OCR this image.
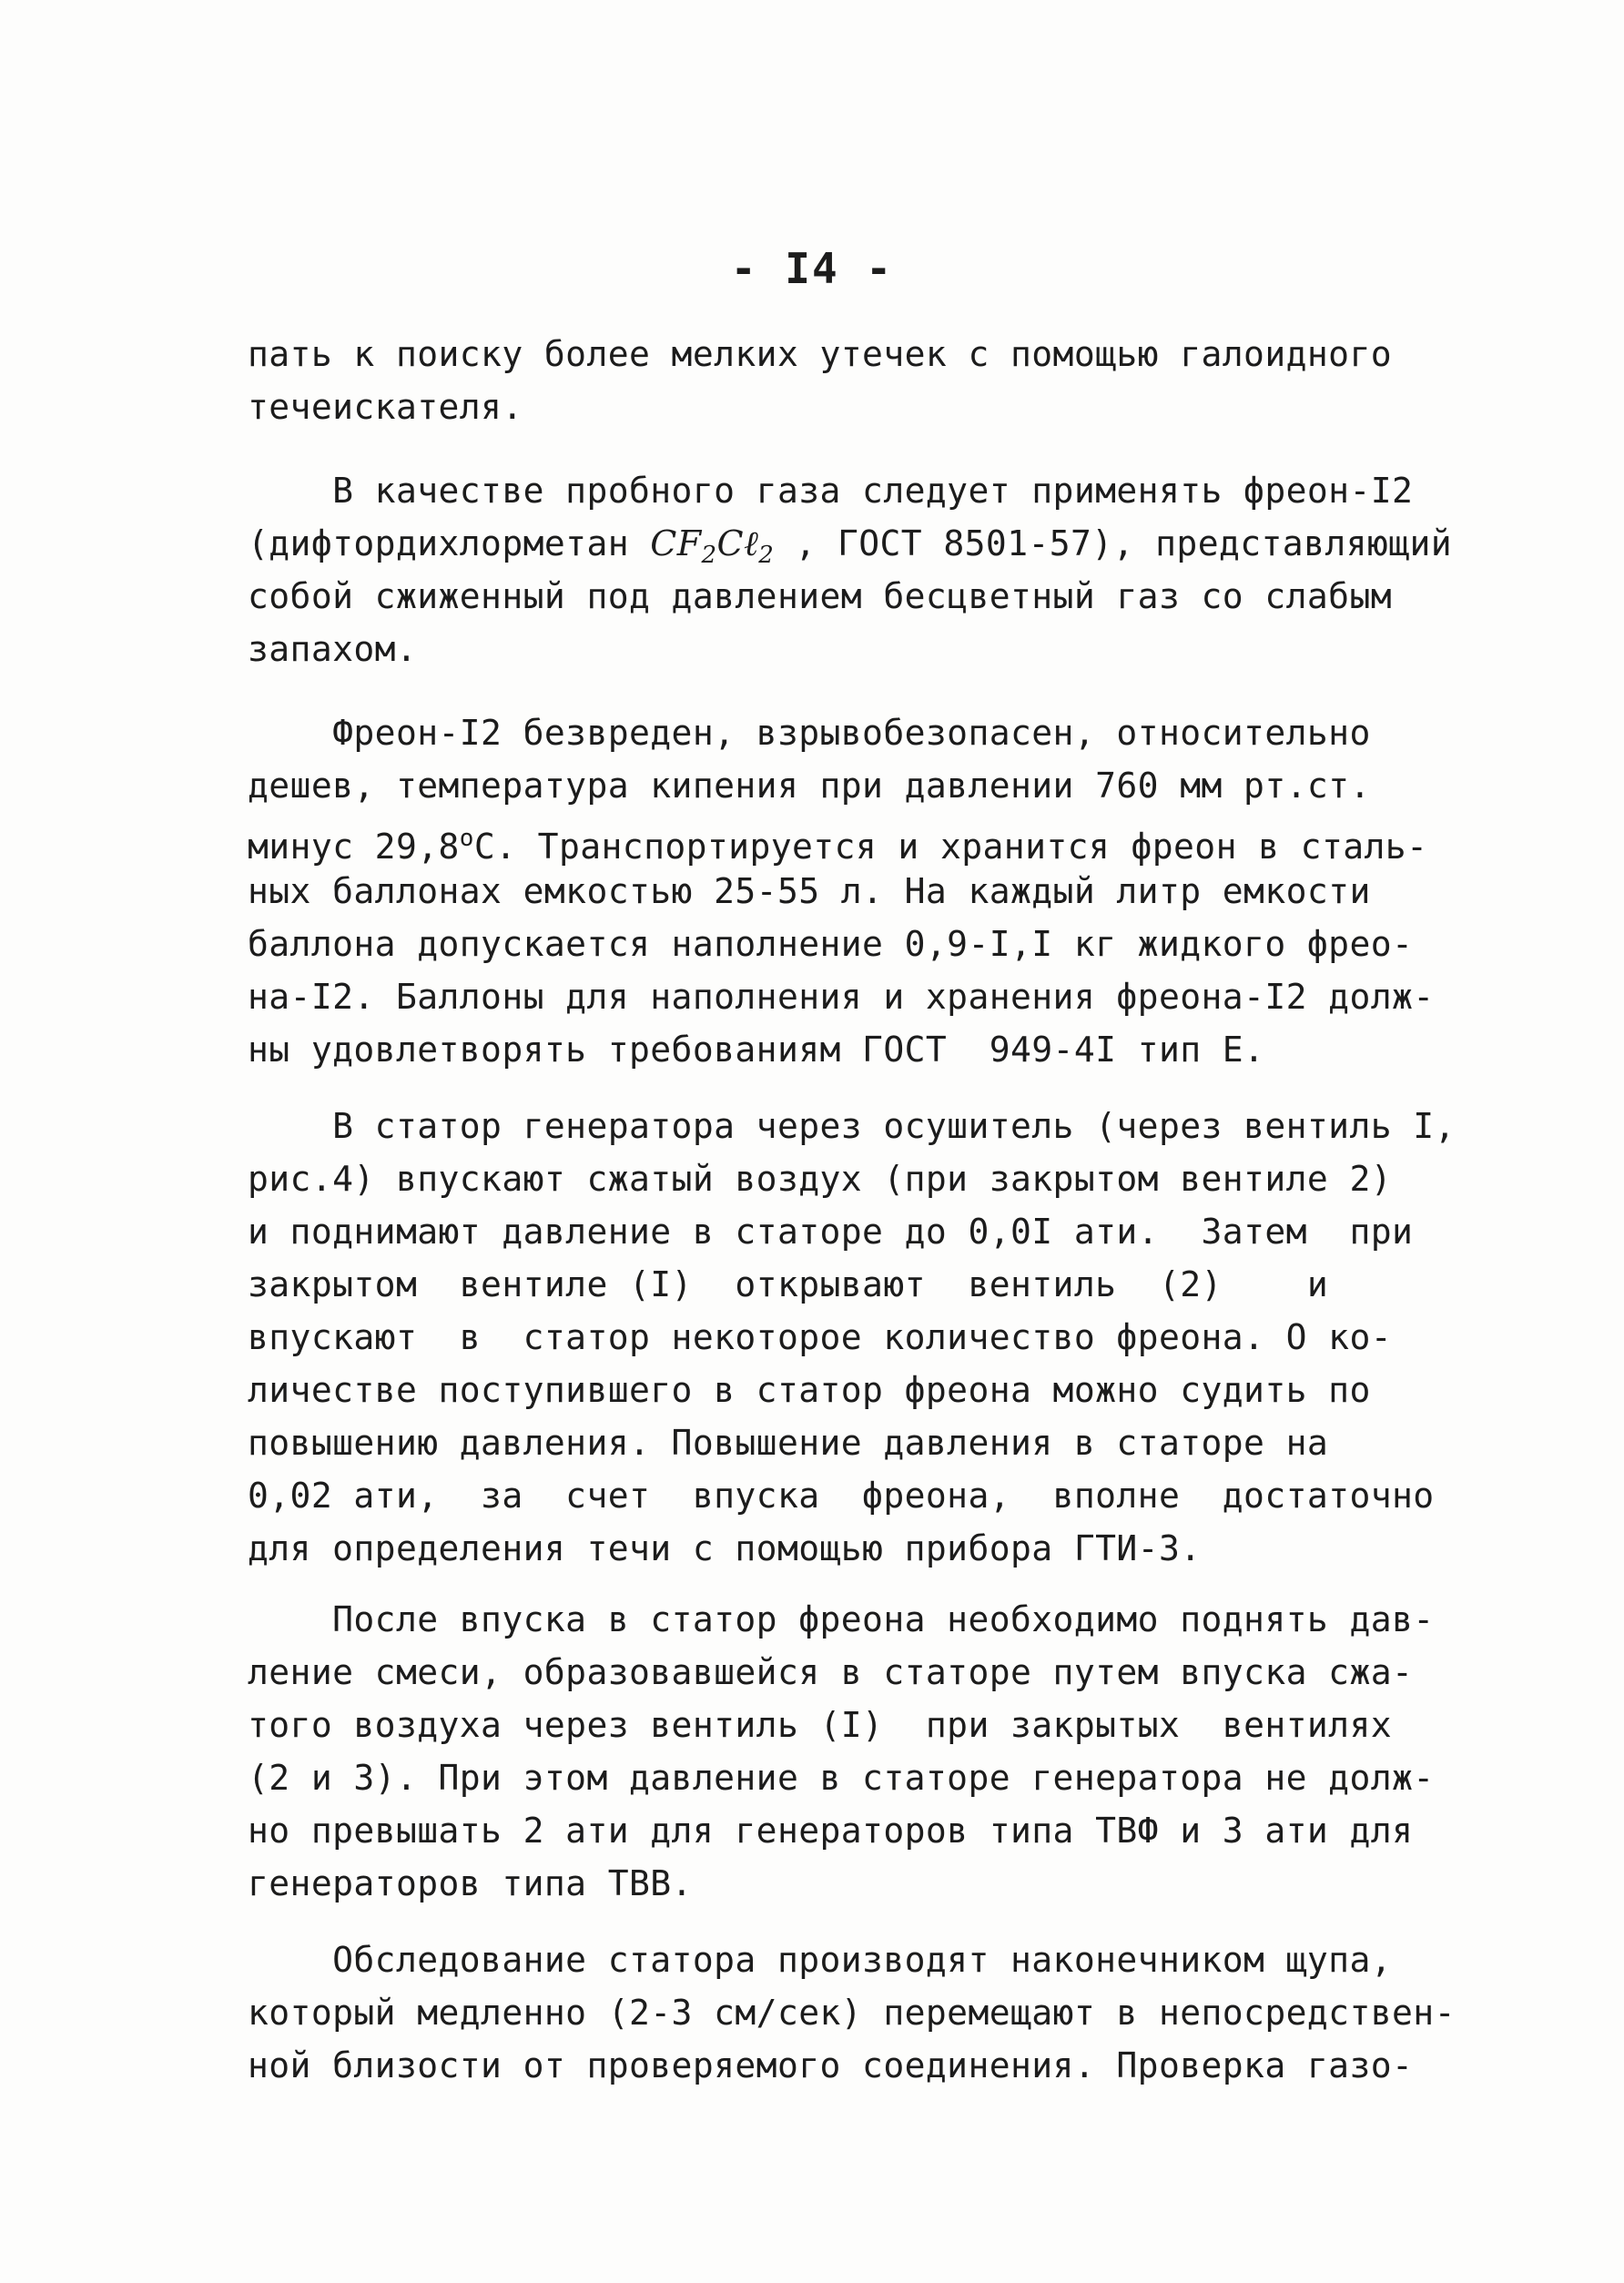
- I4 -
пать к поиску более мелких утечек с помощью галоидного
течеискателя.
В качестве пробного газа следует применять фреон-I2
(дифтордихлорметан $CF_2C\ell_2$ , ГОСТ 8501-57), представляющий
собой сжиженный под давлением бесцветный газ со слабым
запахом.
Фреон-I2 безвреден, взрывобезопасен, относительно
дешев, температура кипения при давлении 760 мм рт.ст.
минус $29,8^оС$. Транспортируется и хранится фреон в сталь-
ных баллонах емкостью 25-55 л. На каждый литр емкости
баллона допускается наполнение 0,9-I,I кг жидкого фрео-
на-I2. Баллоны для наполнения и хранения фреона-I2 долж-
ны удовлетворять требованиям ГОСТ  949-4I тип Е.
В статор генератора через осушитель (через вентиль I,
рис.4) впускают сжатый воздух (при закрытом вентиле 2)
и поднимают давление в статоре до 0,0I ати.  Затем  при
закрытом  вентиле (I)  открывают  вентиль  (2)    и
впускают  в  статор некоторое количество фреона. О ко-
личестве поступившего в статор фреона можно судить по
повышению давления. Повышение давления в статоре на
0,02 ати,  за  счет  впуска  фреона,  вполне  достаточно
для определения течи с помощью прибора ГТИ-3.
После впуска в статор фреона необходимо поднять дав-
ление смеси, образовавшейся в статоре путем впуска сжа-
того воздуха через вентиль (I)  при закрытых  вентилях
(2 и 3). При этом давление в статоре генератора не долж-
но превышать 2 ати для генераторов типа ТВФ и 3 ати для
генераторов типа ТВВ.
Обследование статора производят наконечником щупа,
который медленно (2-3 см/сек) перемещают в непосредствен-
ной близости от проверяемого соединения. Проверка газо-
